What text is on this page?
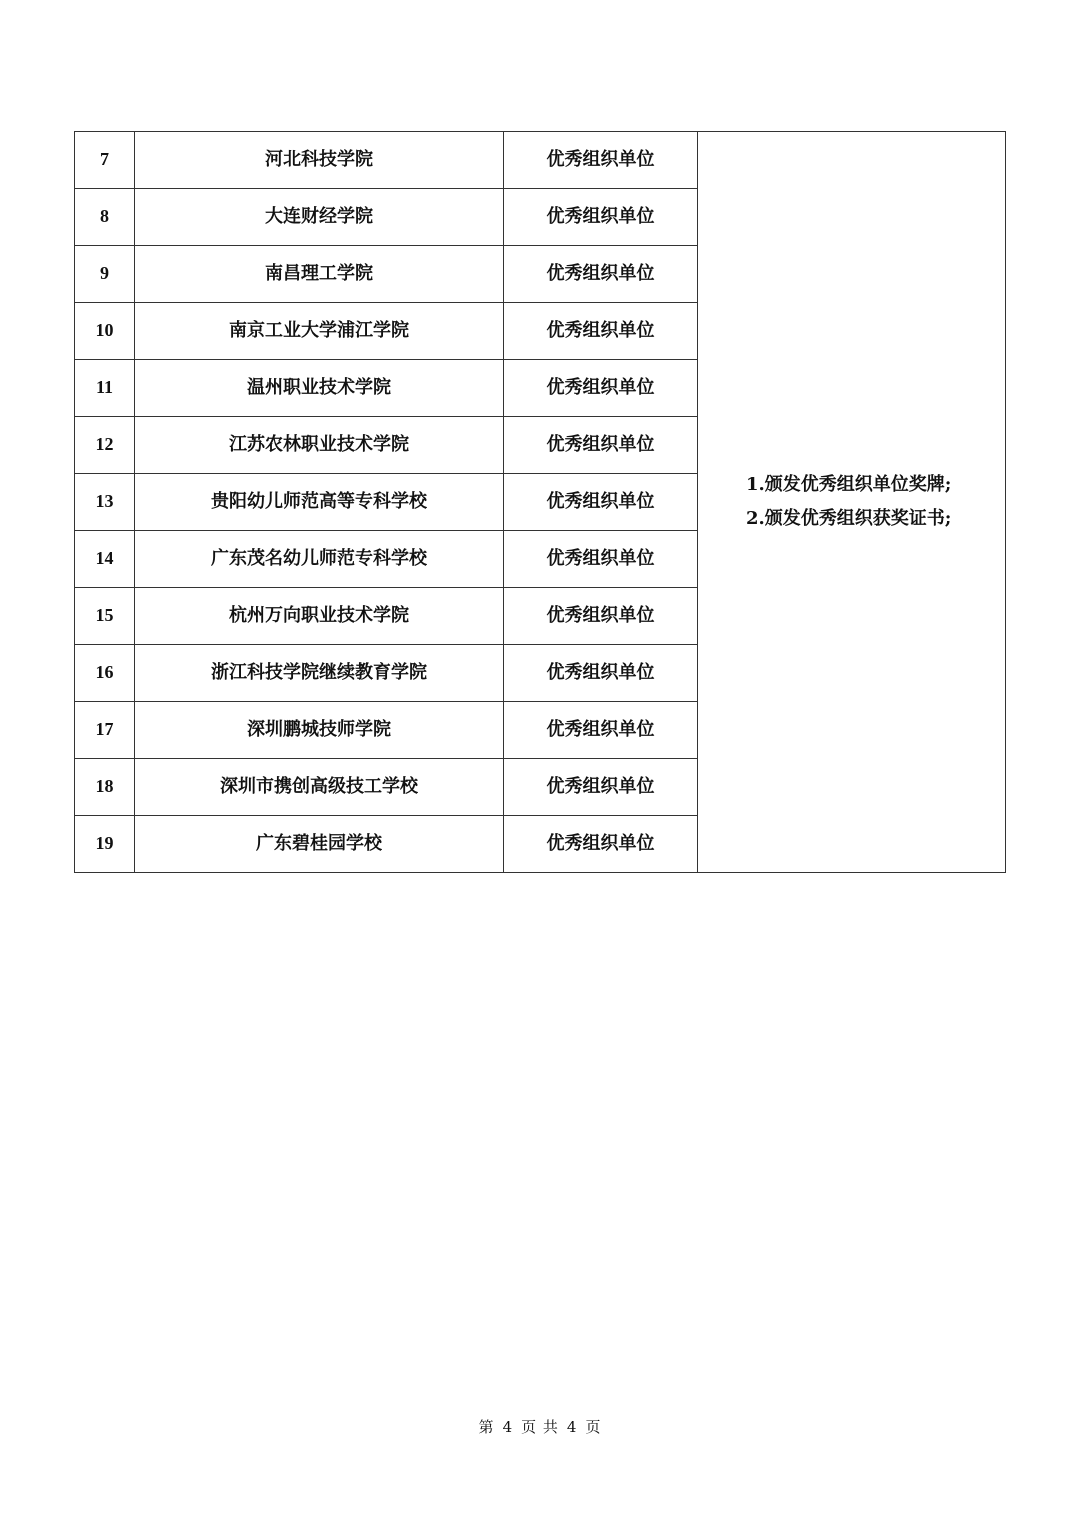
7	河北科技学院	优秀组织单位	1.颁发优秀组织单位奖牌;
2.颁发优秀组织获奖证书;

8	大连财经学院	优秀组织单位	
9	南昌理工学院	优秀组织单位	
10	南京工业大学浦江学院	优秀组织单位	
11	温州职业技术学院	优秀组织单位	
12	江苏农林职业技术学院	优秀组织单位	
13	贵阳幼儿师范高等专科学校	优秀组织单位	
14	广东茂名幼儿师范专科学校	优秀组织单位	
15	杭州万向职业技术学院	优秀组织单位	
16	浙江科技学院继续教育学院	优秀组织单位	
17	深圳鹏城技师学院	优秀组织单位	
18	深圳市携创高级技工学校	优秀组织单位	
19	广东碧桂园学校	优秀组织单位	
第 4 页 共 4 页
